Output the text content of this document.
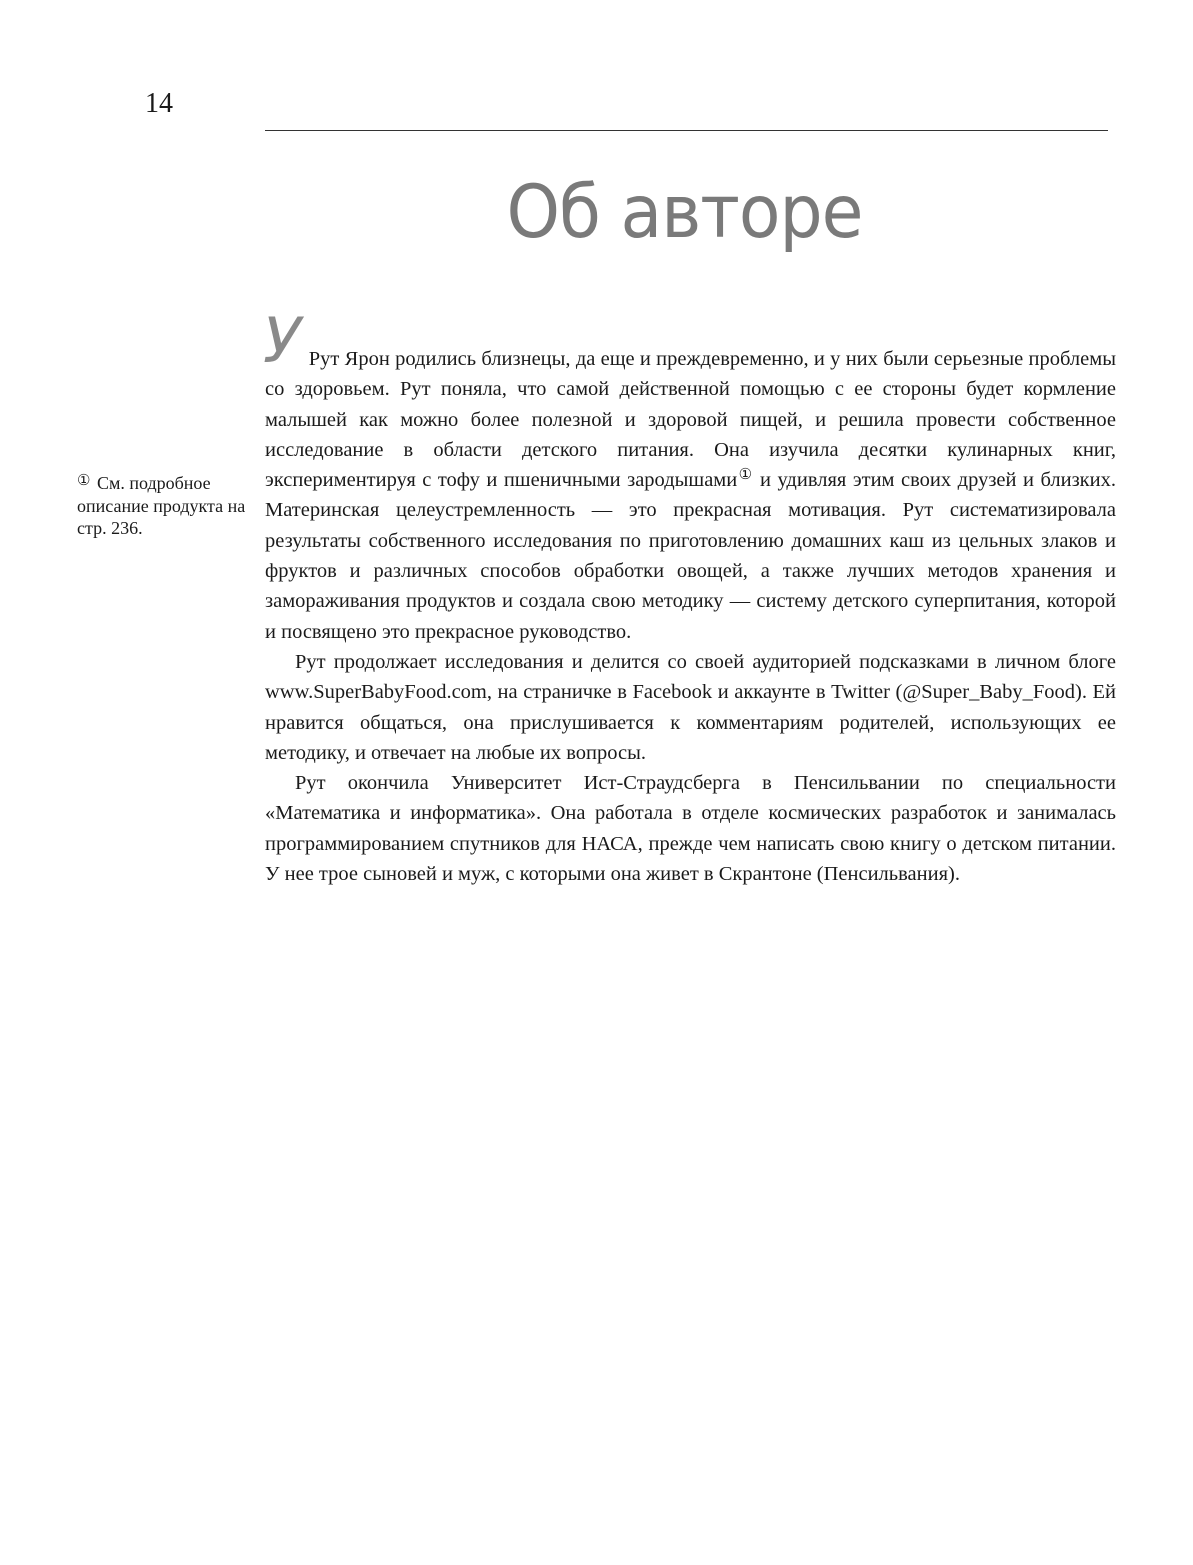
14
Об авторе
① См. подробное описание продукта на стр. 236.

У Рут Ярон родились близнецы, да еще и преждевременно, и у них были серьезные проблемы со здоровьем. Рут поняла, что самой действенной помощью с ее стороны будет кормление малышей как можно более полезной и здоровой пищей, и решила провести собственное исследование в области детского питания. Она изучила десятки кулинарных книг, экспериментируя с тофу и пшеничными зародышами① и удивляя этим своих друзей и близких. Материнская целеустремленность — это прекрасная мотивация. Рут систематизировала результаты собственного исследования по приготовлению домашних каш из цельных злаков и фруктов и различных способов обработки овощей, а также лучших методов хранения и замораживания продуктов и создала свою методику — систему детского суперпитания, которой и посвящено это прекрасное руководство.

Рут продолжает исследования и делится со своей аудиторией подсказками в личном блоге www.SuperBabyFood.com, на страничке в Facebook и аккаунте в Twitter (@Super_Baby_Food). Ей нравится общаться, она прислушивается к комментариям родителей, использующих ее методику, и отвечает на любые их вопросы.

Рут окончила Университет Ист-Страудсберга в Пенсильвании по специальности «Математика и информатика». Она работала в отделе космических разработок и занималась программированием спутников для НАСА, прежде чем написать свою книгу о детском питании. У нее трое сыновей и муж, с которыми она живет в Скрантоне (Пенсильвания).
